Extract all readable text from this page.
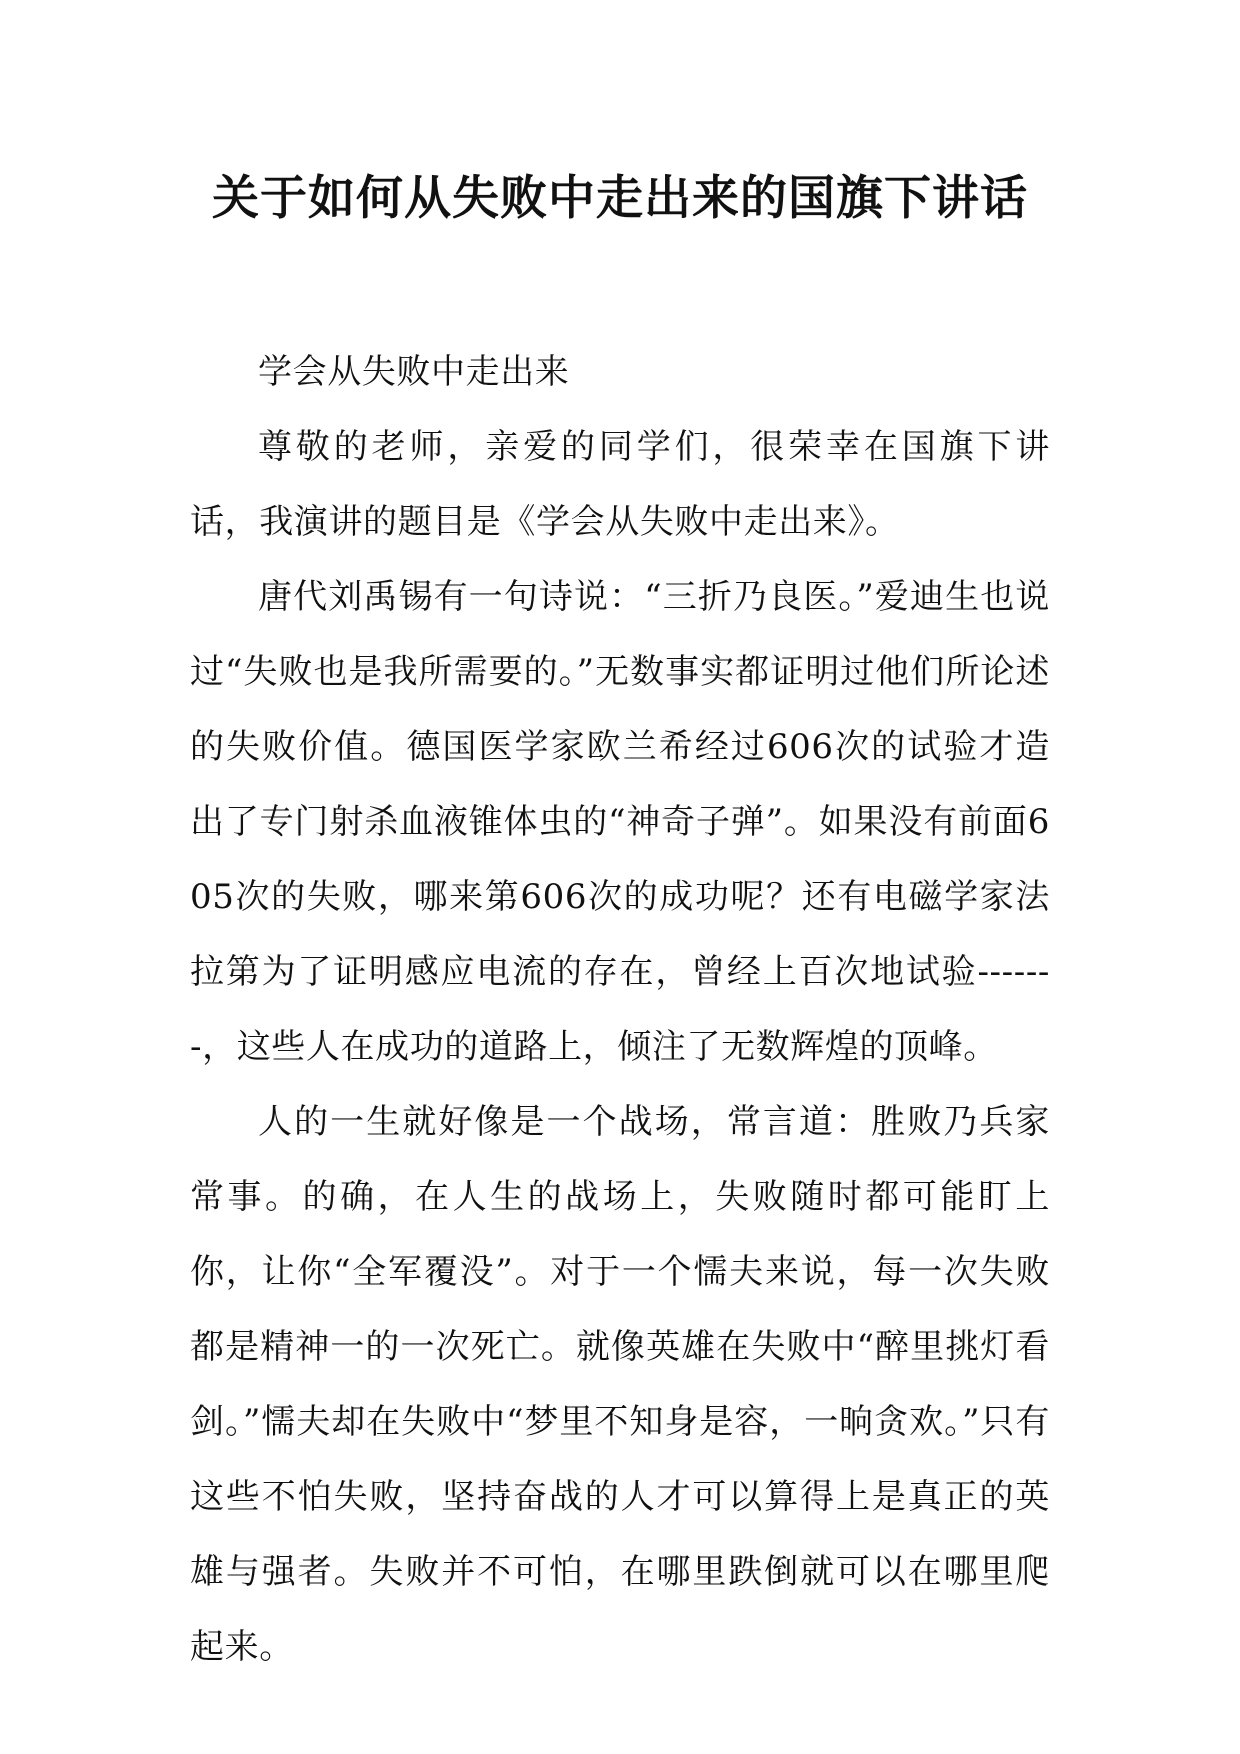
关于如何从失败中走出来的国旗下讲话

学会从失败中走出来

尊敬的老师，亲爱的同学们，很荣幸在国旗下讲话，我演讲的题目是《学会从失败中走出来》。

唐代刘禹锡有一句诗说：“三折乃良医。”爱迪生也说过“失败也是我所需要的。”无数事实都证明过他们所论述的失败价值。德国医学家欧兰希经过606次的试验才造出了专门射杀血液锥体虫的“神奇子弹”。如果没有前面605次的失败，哪来第606次的成功呢？还有电磁学家法拉第为了证明感应电流的存在，曾经上百次地试验-------，这些人在成功的道路上，倾注了无数辉煌的顶峰。

人的一生就好像是一个战场，常言道：胜败乃兵家常事。的确，在人生的战场上，失败随时都可能盯上你，让你“全军覆没”。对于一个懦夫来说，每一次失败都是精神一的一次死亡。就像英雄在失败中“醉里挑灯看剑。”懦夫却在失败中“梦里不知身是容，一晌贪欢。”只有这些不怕失败，坚持奋战的人才可以算得上是真正的英雄与强者。失败并不可怕，在哪里跌倒就可以在哪里爬起来。
